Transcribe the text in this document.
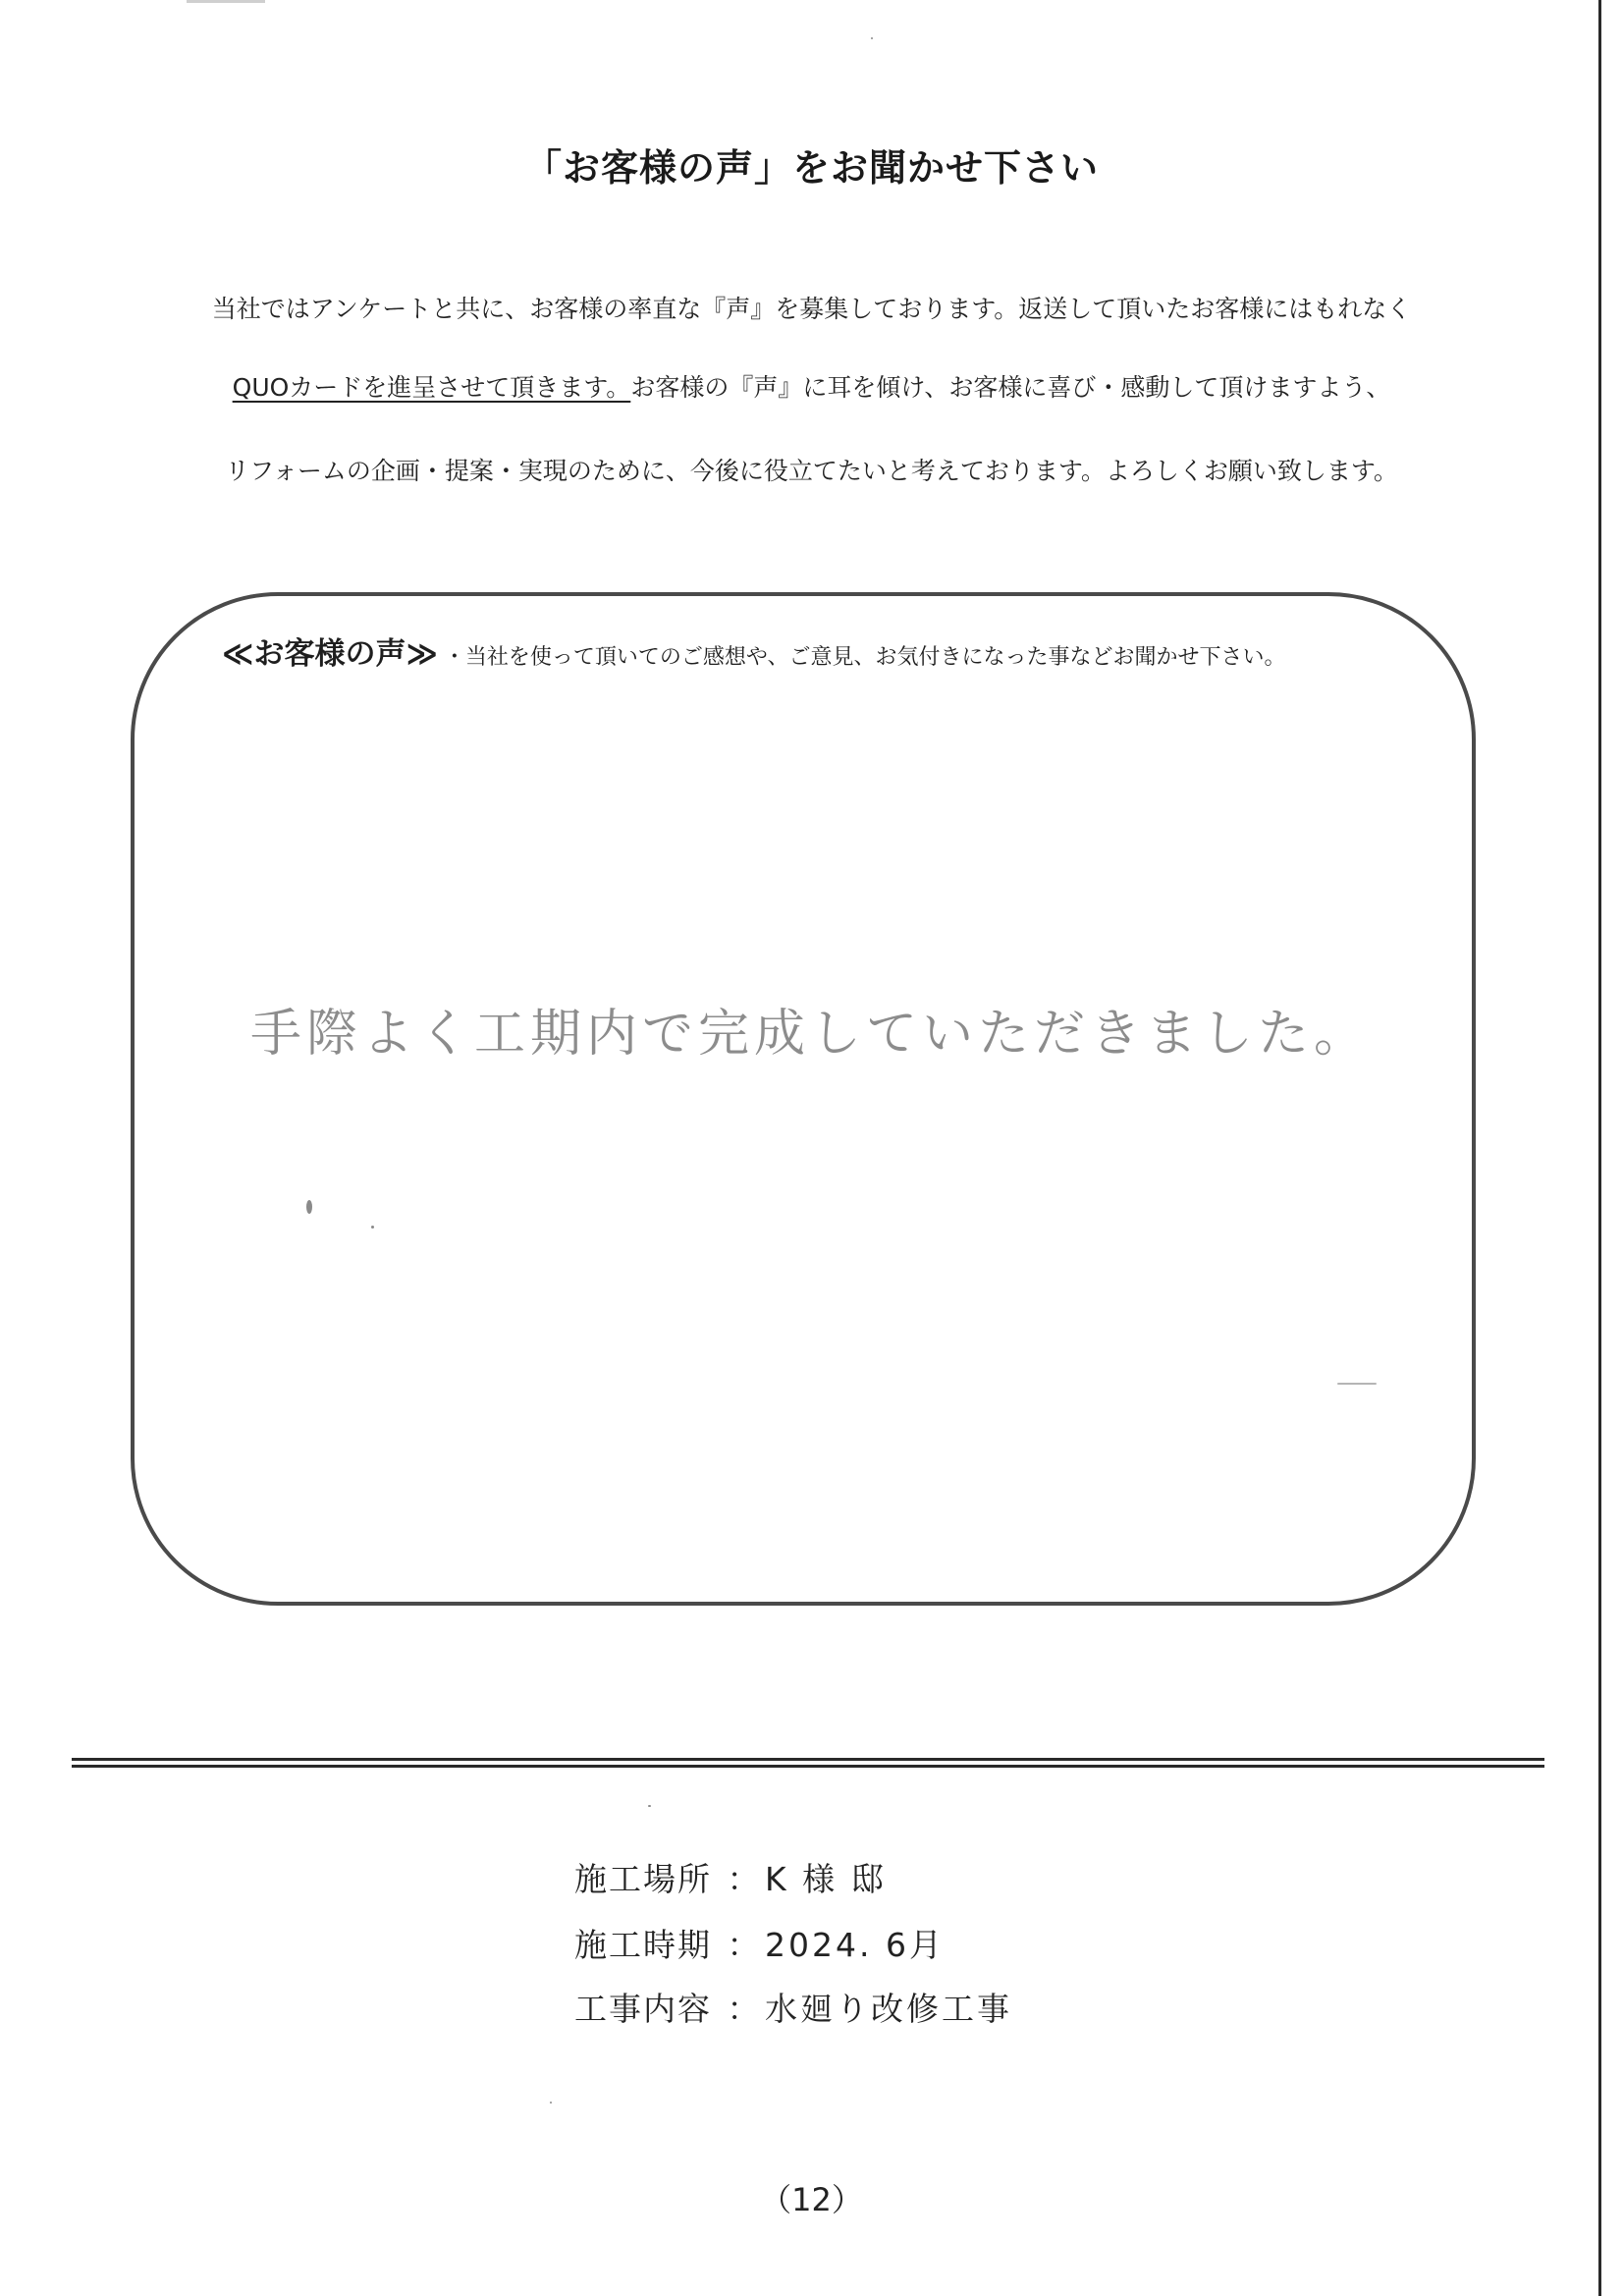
「お客様の声」をお聞かせ下さい
当社ではアンケートと共に、お客様の率直な『声』を募集しております。返送して頂いたお客様にはもれなく
QUOカードを進呈させて頂きます。お客様の『声』に耳を傾け、お客様に喜び・感動して頂けますよう、
リフォームの企画・提案・実現のために、今後に役立てたいと考えております。よろしくお願い致します。
≪お客様の声≫ ・当社を使って頂いてのご感想や、ご意見、お気付きになった事などお聞かせ下さい。
手際よく工期内で完成していただきました。
施工場所 ： K 様 邸
施工時期 ： 2024. 6月
工事内容 ： 水廻り改修工事
（12）
